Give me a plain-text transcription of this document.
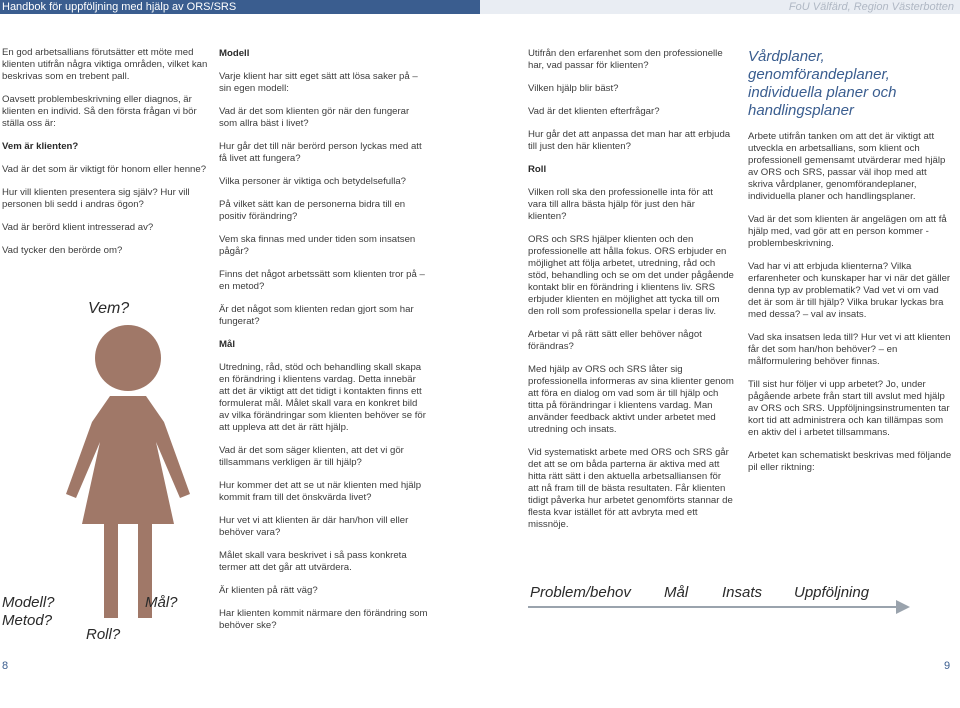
Handbok för uppföljning med hjälp av ORS/SRS	FoU Välfärd, Region Västerbotten

En god arbetsallians förutsätter ett möte med klienten utifrån några viktiga områden, vilket kan beskrivas som en trebent pall.

Oavsett problembeskrivning eller diagnos, är klienten en individ. Så den första frågan vi bör ställa oss är:

Vem är klienten?

Vad är det som är viktigt för honom eller henne?

Hur vill klienten presentera sig själv? Hur vill personen bli sedd i andras ögon?

Vad är berörd klient intresserad av?

Vad tycker den berörde om?

Vem?
Modell?
Metod?
Mål?
Roll?

Modell

Varje klient har sitt eget sätt att lösa saker på – sin egen modell:

Vad är det som klienten gör när den fungerar som allra bäst i livet?

Hur går det till när berörd person lyckas med att få livet att fungera?

Vilka personer är viktiga och betydelsefulla?

På vilket sätt kan de personerna bidra till en positiv förändring?

Vem ska finnas med under tiden som insatsen pågår?

Finns det något arbetssätt som klienten tror på – en metod?

Är det något som klienten redan gjort som har fungerat?

Mål

Utredning, råd, stöd och behandling skall skapa en förändring i klientens vardag. Detta innebär att det är viktigt att det tidigt i kontakten finns ett formulerat mål. Målet skall vara en konkret bild av vilka förändringar som klienten behöver se för att uppleva att det är rätt hjälp.

Vad är det som säger klienten, att det vi gör tillsammans verkligen är till hjälp?

Hur kommer det att se ut när klienten med hjälp kommit fram till det önskvärda livet?

Hur vet vi att klienten är där han/hon vill eller behöver vara?

Målet skall vara beskrivet i så pass konkreta termer att det går att utvärdera.

Är klienten på rätt väg?

Har klienten kommit närmare den förändring som behöver ske?

Utifrån den erfarenhet som den professionelle har, vad passar för klienten?

Vilken hjälp blir bäst?

Vad är det klienten efterfrågar?

Hur går det att anpassa det man har att erbjuda till just den här klienten?

Roll

Vilken roll ska den professionelle inta för att vara till allra bästa hjälp för just den här klienten?

ORS och SRS hjälper klienten och den professionelle att hålla fokus. ORS erbjuder en möjlighet att följa arbetet, utredning, råd och stöd, behandling och se om det under pågående kontakt blir en förändring i klientens liv. SRS erbjuder klienten en möjlighet att tycka till om den roll som professionella spelar i deras liv.

Arbetar vi på rätt sätt eller behöver något förändras?

Med hjälp av ORS och SRS låter sig professionella informeras av sina klienter genom att föra en dialog om vad som är till hjälp och titta på förändringar i klientens vardag. Man använder feedback aktivt under arbetet med utredning och insats.

Vid systematiskt arbete med ORS och SRS går det att se om båda parterna är aktiva med att hitta rätt sätt i den aktuella arbetsalliansen för att nå fram till de bästa resultaten. Får klienten tidigt påverka hur arbetet genomförts stannar de flesta kvar istället för att avbryta med ett missnöje.

Vårdplaner, genomförandeplaner, individuella planer och handlingsplaner

Arbete utifrån tanken om att det är viktigt att utveckla en arbetsallians, som klient och professionell gemensamt utvärderar med hjälp av ORS och SRS, passar väl ihop med att skriva vårdplaner, genomförandeplaner, individuella planer och handlingsplaner.

Vad är det som klienten är angelägen om att få hjälp med, vad gör att en person kommer - problembeskrivning.

Vad har vi att erbjuda klienterna? Vilka erfarenheter och kunskaper har vi när det gäller denna typ av problematik? Vad vet vi om vad det är som är till hjälp? Vilka brukar lyckas bra med dessa? – val av insats.

Vad ska insatsen leda till? Hur vet vi att klienten får det som han/hon behöver? – en målformulering behöver finnas.

Till sist hur följer vi upp arbetet? Jo, under pågående arbete från start till avslut med hjälp av ORS och SRS. Uppföljningsinstrumenten tar kort tid att administrera och kan tillämpas som en aktiv del i arbetet tillsammans.

Arbetet kan schematiskt beskrivas med följande pil eller riktning:

Problem/behov Mål Insats Uppföljning
8	9
